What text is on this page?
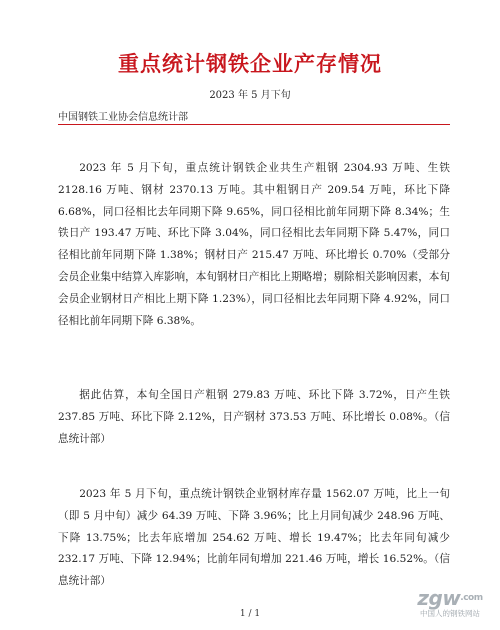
重点统计钢铁企业产存情况
2023 年 5 月下旬
中国钢铁工业协会信息统计部

2023 年 5 月下旬，重点统计钢铁企业共生产粗钢 2304.93 万吨、生铁 2128.16 万吨、钢材 2370.13 万吨。其中粗钢日产 209.54 万吨，环比下降 6.68%，同口径相比去年同期下降 9.65%，同口径相比前年同期下降 8.34%；生铁日产 193.47 万吨、环比下降 3.04%，同口径相比去年同期下降 5.47%，同口径相比前年同期下降 1.38%；钢材日产 215.47 万吨、环比增长 0.70%（受部分会员企业集中结算入库影响，本旬钢材日产相比上期略增；剔除相关影响因素，本旬会员企业钢材日产相比上期下降 1.23%），同口径相比去年同期下降 4.92%，同口径相比前年同期下降 6.38%。

据此估算，本旬全国日产粗钢 279.83 万吨、环比下降 3.72%，日产生铁 237.85 万吨、环比下降 2.12%，日产钢材 373.53 万吨、环比增长 0.08%。（信息统计部）

2023 年 5 月下旬，重点统计钢铁企业钢材库存量 1562.07 万吨，比上一旬（即 5 月中旬）减少 64.39 万吨、下降 3.96%；比上月同旬减少 248.96 万吨、下降 13.75%；比去年底增加 254.62 万吨、增长 19.47%；比去年同旬减少 232.17 万吨、下降 12.94%；比前年同旬增加 221.46 万吨，增长 16.52%。（信息统计部）

1 / 1
zgw$^{.com}$
中国人的钢铁网站
